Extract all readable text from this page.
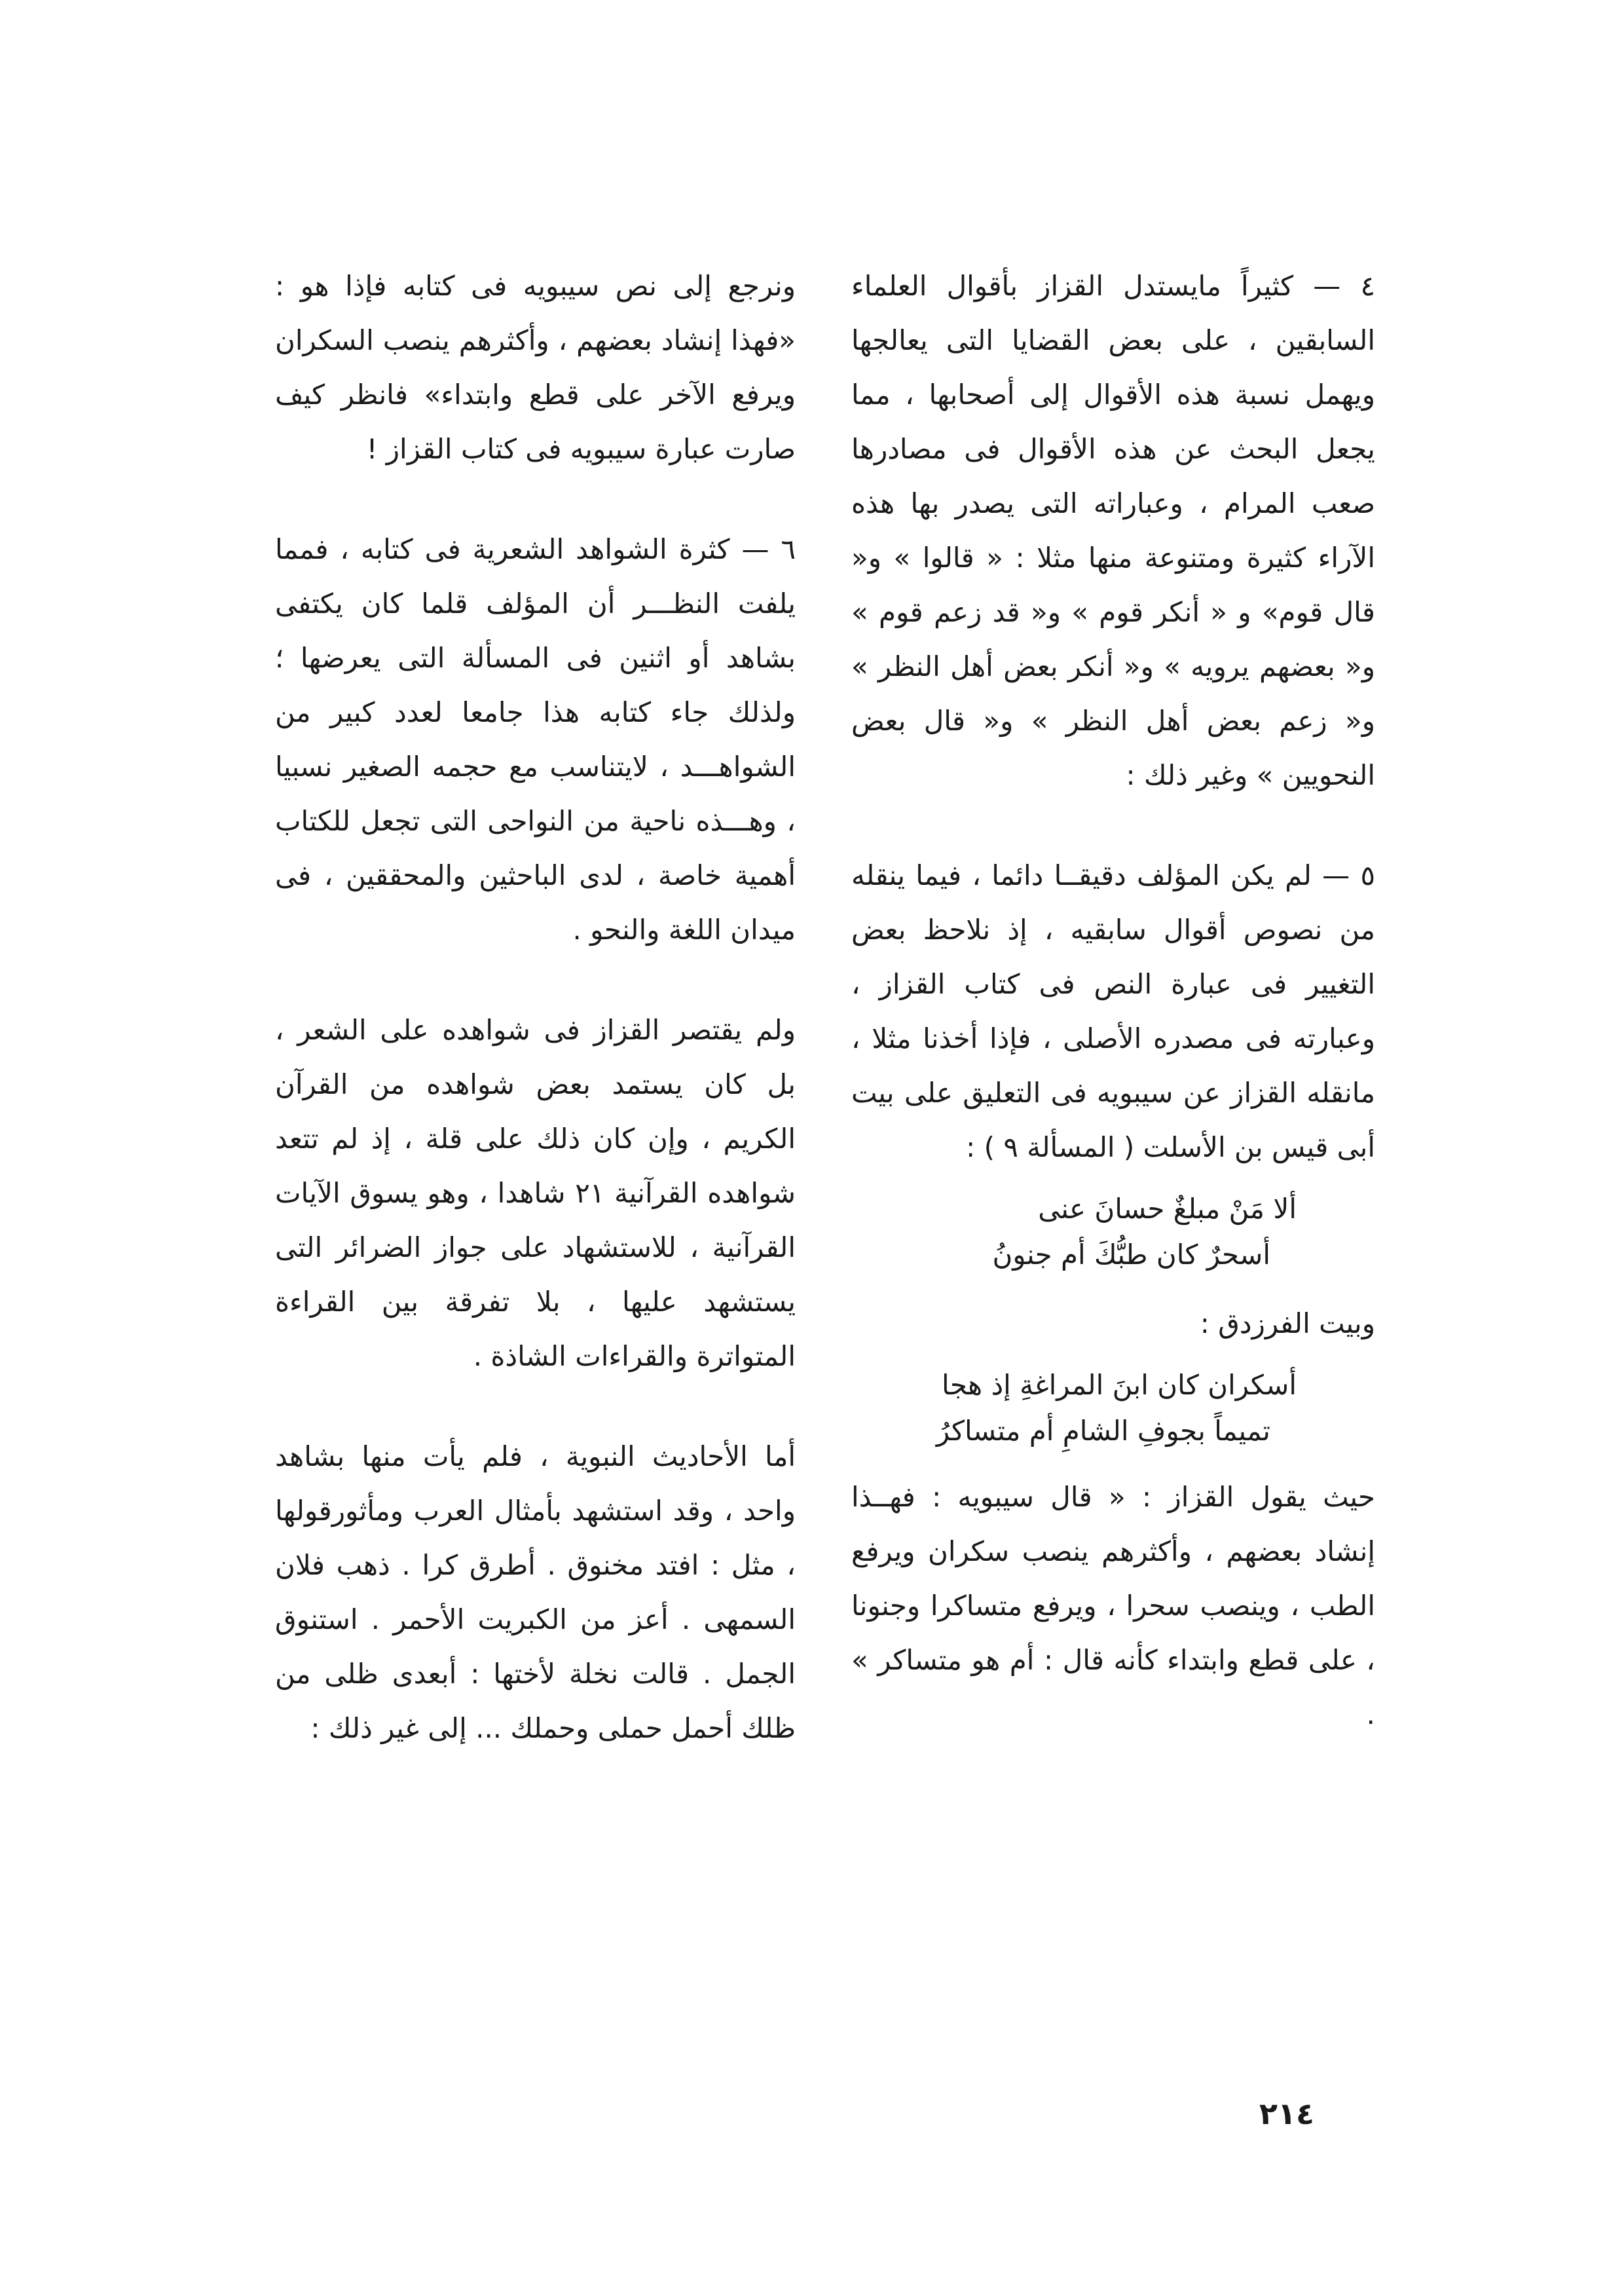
٤ — كثيراً مايستدل القزاز بأقوال العلماء السابقين ، على بعض القضايا التى يعالجها ويهمل نسبة هذه الأقوال إلى أصحابها ، مما يجعل البحث عن هذه الأقوال فى مصادرها صعب المرام ، وعباراته التى يصدر بها هذه الآراء كثيرة ومتنوعة منها مثلا : « قالوا » و« قال قوم» و « أنكر قوم » و« قد زعم قوم » و« بعضهم يرويه » و« أنكر بعض أهل النظر » و« زعم بعض أهل النظر » و« قال بعض النحويين » وغير ذلك :

٥ — لم يكن المؤلف دقيقــا دائما ، فيما ينقله من نصوص أقوال سابقيه ، إذ نلاحظ بعض التغيير فى عبارة النص فى كتاب القزاز ، وعبارته فى مصدره الأصلى ، فإذا أخذنا مثلا ، مانقله القزاز عن سيبويه فى التعليق على بيت أبى قيس بن الأسلت ( المسألة ٩ ) :

ألا مَنْ مبلغٌ حسانَ عنى
أسحرٌ كان طبُّكَ أم جنونُ

وبيت الفرزدق :

أسكران كان ابنَ المراغةِ إذ هجا
تميماً بجوفِ الشامِ أم متساكرُ

حيث يقول القزاز : « قال سيبويه : فهــذا إنشاد بعضهم ، وأكثرهم ينصب سكران ويرفع الطب ، وينصب سحرا ، ويرفع متساكرا وجنونا ، على قطع وابتداء كأنه قال : أم هو متساكر » .

ونرجع إلى نص سيبويه فى كتابه فإذا هو : «فهذا إنشاد بعضهم ، وأكثرهم ينصب السكران ويرفع الآخر على قطع وابتداء» فانظر كيف صارت عبارة سيبويه فى كتاب القزاز !

٦ — كثرة الشواهد الشعرية فى كتابه ، فمما يلفت النظـــر أن المؤلف قلما كان يكتفى بشاهد أو اثنين فى المسألة التى يعرضها ؛ ولذلك جاء كتابه هذا جامعا لعدد كبير من الشواهـــد ، لايتناسب مع حجمه الصغير نسبيا ، وهـــذه ناحية من النواحى التى تجعل للكتاب أهمية خاصة ، لدى الباحثين والمحققين ، فى ميدان اللغة والنحو .

ولم يقتصر القزاز فى شواهده على الشعر ، بل كان يستمد بعض شواهده من القرآن الكريم ، وإن كان ذلك على قلة ، إذ لم تتعد شواهده القرآنية ٢١ شاهدا ، وهو يسوق الآيات القرآنية ، للاستشهاد على جواز الضرائر التى يستشهد عليها ، بلا تفرقة بين القراءة المتواترة والقراءات الشاذة .

أما الأحاديث النبوية ، فلم يأت منها بشاهد واحد ، وقد استشهد بأمثال العرب ومأثورقولها ، مثل : افتد مخنوق . أطرق كرا . ذهب فلان السمهى . أعز من الكبريت الأحمر . استنوق الجمل . قالت نخلة لأختها : أبعدى ظلى من ظلك أحمل حملى وحملك ... إلى غير ذلك :

٢١٤
